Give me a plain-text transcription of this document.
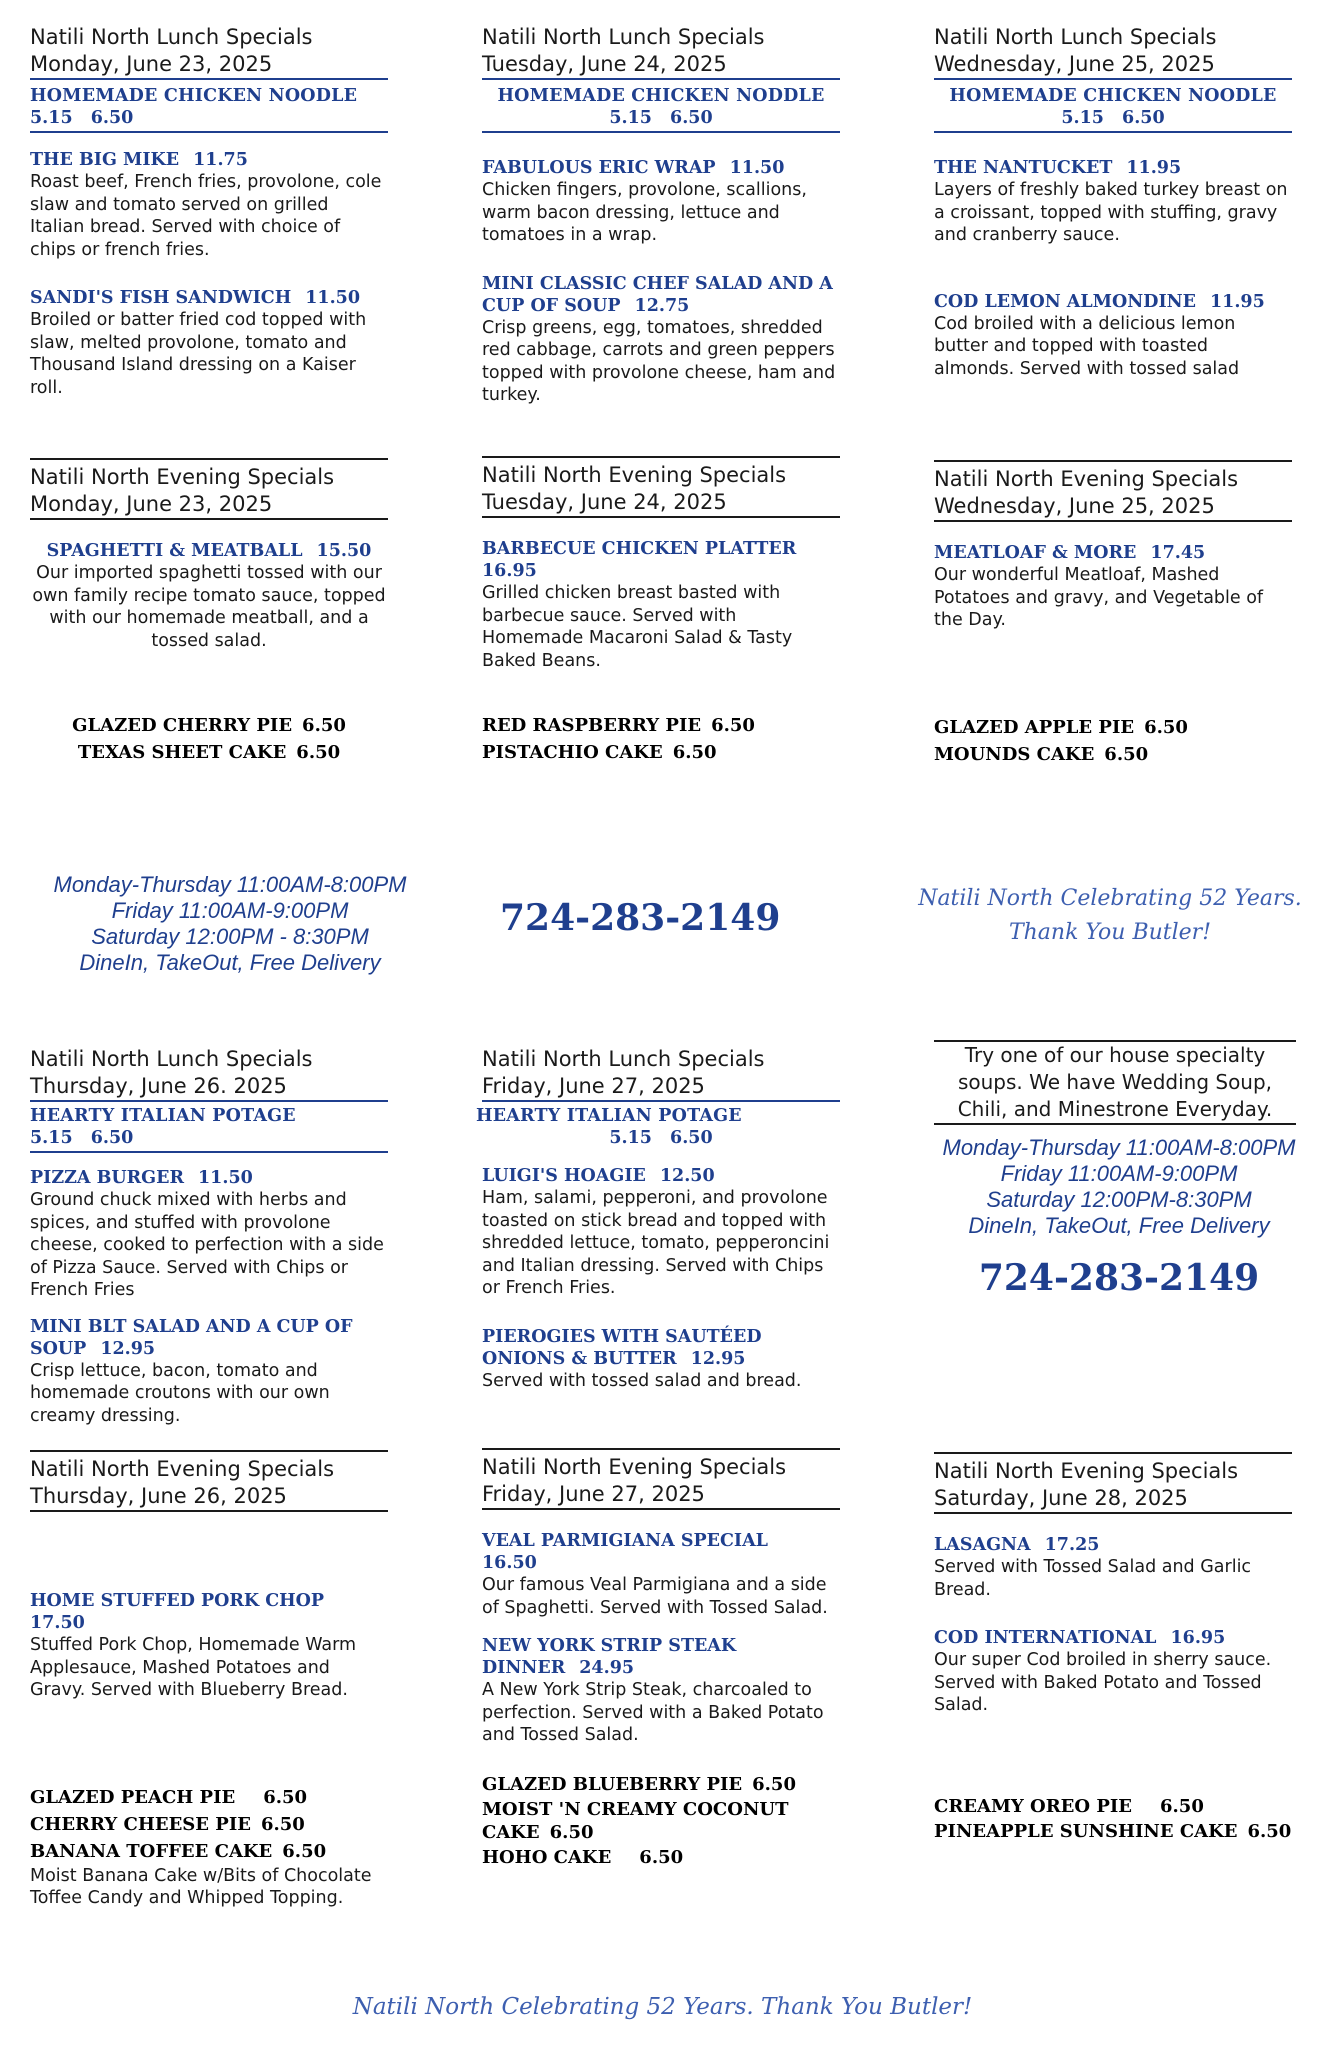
Natili North Lunch Specials
Monday, June 23, 2025
HOMEMADE CHICKEN NOODLE
5.15 6.50
THE BIG MIKE 11.75
Roast beef, French fries, provolone, cole slaw and tomato served on grilled Italian bread. Served with choice of chips or french fries.
SANDI'S FISH SANDWICH 11.50
Broiled or batter fried cod topped with slaw, melted provolone, tomato and Thousand Island dressing on a Kaiser roll.
Natili North Lunch Specials
Tuesday, June 24, 2025
HOMEMADE CHICKEN NODDLE
5.15 6.50
FABULOUS ERIC WRAP 11.50
Chicken fingers, provolone, scallions, warm bacon dressing, lettuce and tomatoes in a wrap.
MINI CLASSIC CHEF SALAD AND A CUP OF SOUP 12.75
Crisp greens, egg, tomatoes, shredded red cabbage, carrots and green peppers topped with provolone cheese, ham and turkey.
Natili North Lunch Specials
Wednesday, June 25, 2025
HOMEMADE CHICKEN NOODLE
5.15 6.50
THE NANTUCKET 11.95
Layers of freshly baked turkey breast on a croissant, topped with stuffing, gravy and cranberry sauce.
COD LEMON ALMONDINE 11.95
Cod broiled with a delicious lemon butter and topped with toasted almonds. Served with tossed salad
Natili North Evening Specials
Monday, June 23, 2025
SPAGHETTI & MEATBALL 15.50
Our imported spaghetti tossed with our own family recipe tomato sauce, topped with our homemade meatball, and a tossed salad.
GLAZED CHERRY PIE 6.50
TEXAS SHEET CAKE 6.50
Natili North Evening Specials
Tuesday, June 24, 2025
BARBECUE CHICKEN PLATTER
16.95
Grilled chicken breast basted with barbecue sauce. Served with Homemade Macaroni Salad & Tasty Baked Beans.
RED RASPBERRY PIE 6.50
PISTACHIO CAKE 6.50
Natili North Evening Specials
Wednesday, June 25, 2025
MEATLOAF & MORE 17.45
Our wonderful Meatloaf, Mashed Potatoes and gravy, and Vegetable of the Day.
GLAZED APPLE PIE 6.50
MOUNDS CAKE 6.50
Monday-Thursday 11:00AM-8:00PM
Friday 11:00AM-9:00PM
Saturday 12:00PM - 8:30PM
DineIn, TakeOut, Free Delivery
724-283-2149	Natili North Celebrating 52 Years.
Thank You Butler!
Natili North Lunch Specials
Thursday, June 26. 2025
HEARTY ITALIAN POTAGE
5.15 6.50
PIZZA BURGER 11.50
Ground chuck mixed with herbs and spices, and stuffed with provolone cheese, cooked to perfection with a side of Pizza Sauce. Served with Chips or French Fries
MINI BLT SALAD AND A CUP OF SOUP 12.95
Crisp lettuce, bacon, tomato and homemade croutons with our own creamy dressing.
Natili North Lunch Specials
Friday, June 27, 2025
HEARTY ITALIAN POTAGE
5.15 6.50
LUIGI'S HOAGIE 12.50
Ham, salami, pepperoni, and provolone toasted on stick bread and topped with shredded lettuce, tomato, pepperoncini and Italian dressing. Served with Chips or French Fries.
PIEROGIES WITH SAUTÉED ONIONS & BUTTER 12.95
Served with tossed salad and bread.
Try one of our house specialty soups. We have Wedding Soup, Chili, and Minestrone Everyday.
Monday-Thursday 11:00AM-8:00PM
Friday 11:00AM-9:00PM
Saturday 12:00PM-8:30PM
DineIn, TakeOut, Free Delivery
724-283-2149
Natili North Evening Specials
Thursday, June 26, 2025
HOME STUFFED PORK CHOP
17.50
Stuffed Pork Chop, Homemade Warm Applesauce, Mashed Potatoes and Gravy. Served with Blueberry Bread.
GLAZED PEACH PIE 6.50
CHERRY CHEESE PIE 6.50
BANANA TOFFEE CAKE 6.50
Moist Banana Cake w/Bits of Chocolate Toffee Candy and Whipped Topping.
Natili North Evening Specials
Friday, June 27, 2025
VEAL PARMIGIANA SPECIAL
16.50
Our famous Veal Parmigiana and a side of Spaghetti. Served with Tossed Salad.
NEW YORK STRIP STEAK DINNER 24.95
A New York Strip Steak, charcoaled to perfection. Served with a Baked Potato and Tossed Salad.
GLAZED BLUEBERRY PIE 6.50
MOIST 'N CREAMY COCONUT CAKE 6.50
HOHO CAKE 6.50
Natili North Evening Specials
Saturday, June 28, 2025
LASAGNA 17.25
Served with Tossed Salad and Garlic Bread.
COD INTERNATIONAL 16.95
Our super Cod broiled in sherry sauce. Served with Baked Potato and Tossed Salad.
CREAMY OREO PIE 6.50
PINEAPPLE SUNSHINE CAKE 6.50
Natili North Celebrating 52 Years. Thank You Butler!
